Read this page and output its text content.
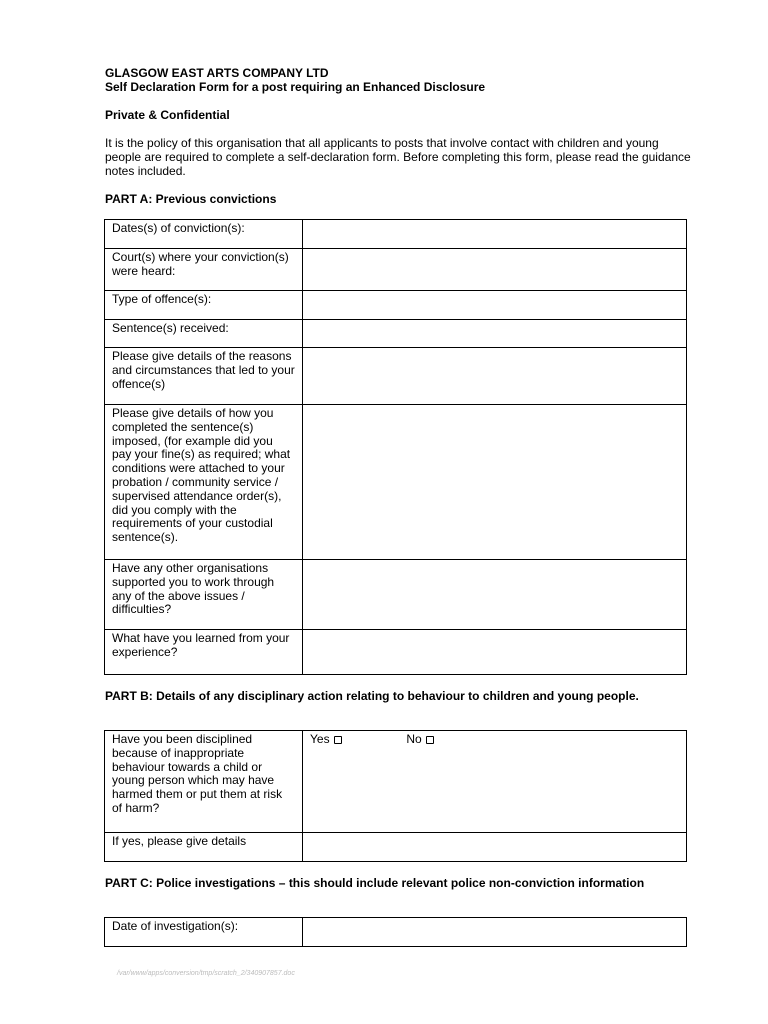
GLASGOW EAST ARTS COMPANY LTD
Self Declaration Form for a post requiring an Enhanced Disclosure
Private & Confidential
It is the policy of this organisation that all applicants to posts that involve contact with children and young people are required to complete a self-declaration form. Before completing this form, please read the guidance notes included.
PART A: Previous convictions
Dates(s) of conviction(s):	
Court(s) where your conviction(s) were heard:	
Type of offence(s):	
Sentence(s) received:	
Please give details of the reasons and circumstances that led to your offence(s)	
Please give details of how you completed the sentence(s) imposed, (for example did you pay your fine(s) as required; what conditions were attached to your probation / community service / supervised attendance order(s), did you comply with the requirements of your custodial sentence(s).	
Have any other organisations supported you to work through any of the above issues / difficulties?	
What have you learned from your experience?	
PART B: Details of any disciplinary action relating to behaviour to children and young people.
Have you been disciplined because of inappropriate behaviour towards a child or young person which may have harmed them or put them at risk of harm?	Yes No
If yes, please give details	
PART C: Police investigations – this should include relevant police non-conviction information
Date of investigation(s):	
/var/www/apps/conversion/tmp/scratch_2/340907857.doc
